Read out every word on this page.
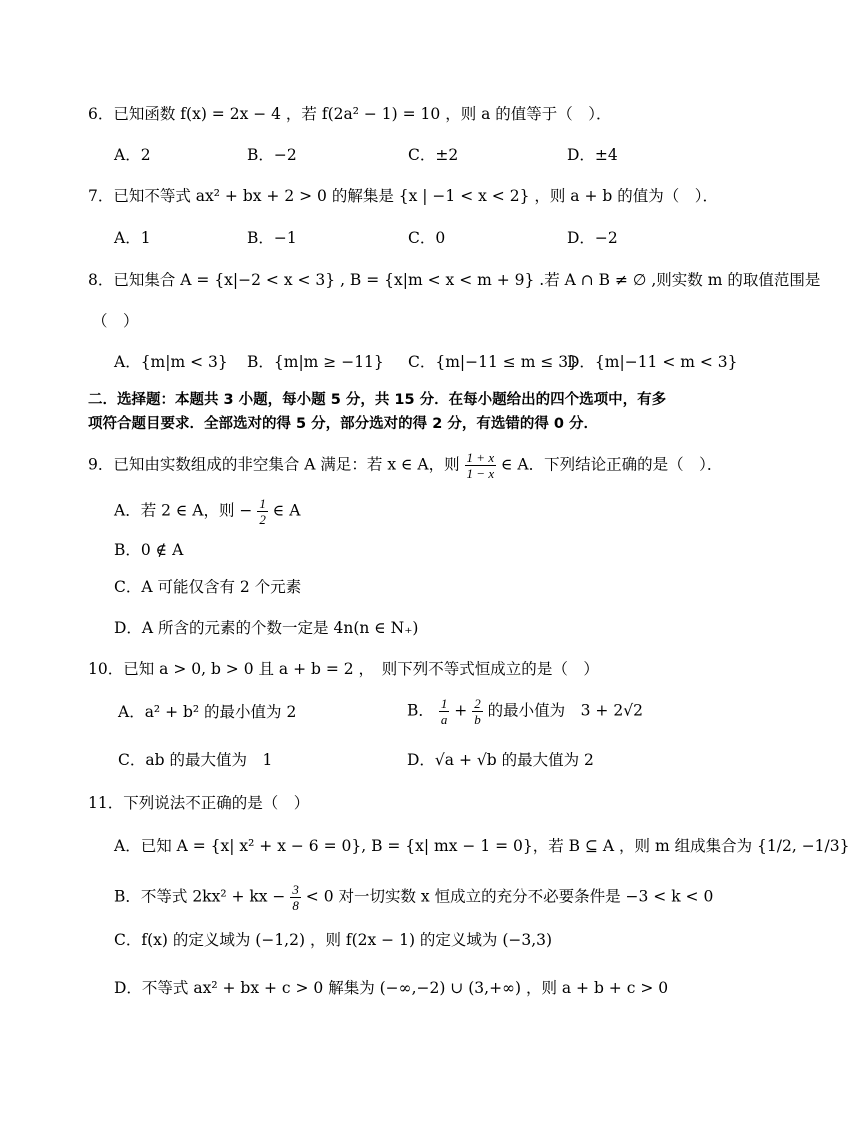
6．已知函数 f(x) = 2x − 4 ，若 f(2a² − 1) = 10 ，则 a 的值等于（　）．
A．2	B．−2	C．±2	D．±4
7．已知不等式 ax² + bx + 2 > 0 的解集是 {x | −1 < x < 2} ，则 a + b 的值为（　）．
A．1	B．−1	C．0	D．−2
8．已知集合 A = {x|−2 < x < 3} , B = {x|m < x < m + 9} .若 A ∩ B ≠ ∅ ,则实数 m 的取值范围是
（　）
A．{m|m < 3} B．{m|m ≥ −11} C．{m|−11 ≤ m ≤ 3}
D．{m|−11 < m < 3}
二．选择题：本题共 3 小题，每小题 5 分，共 15 分．在每小题给出的四个选项中，有多
项符合题目要求．全部选对的得 5 分，部分选对的得 2 分，有选错的得 0 分．
9．已知由实数组成的非空集合 A 满足：若 x ∈ A，则 $\frac{1 + x}{1 - x}$ ∈ A．下列结论正确的是（　）．
A．若 2 ∈ A，则 − $\frac{1}{2}$ ∈ A
B．0 ∉ A
C．A 可能仅含有 2 个元素
D．A 所含的元素的个数一定是 4n(n ∈ N₊)
10．已知 a > 0, b > 0 且 a + b = 2 ，　则下列不等式恒成立的是（　）
A．a² + b² 的最小值为 2	B． $\frac{1}{a} + \frac{2}{b}$ 的最小值为　3 + 2√2
C．ab 的最大值为　1	D．√a + √b 的最大值为 2
11．下列说法不正确的是（　）
A．已知 A = {x| x² + x − 6 = 0}, B = {x| mx − 1 = 0}，若 B ⊆ A ，则 m 组成集合为 {1/2, −1/3}
B．不等式 2kx² + kx − $\frac{3}{8} < 0$ 对一切实数 x 恒成立的充分不必要条件是 −3 < k < 0
C．f(x) 的定义域为 (−1,2) ，则 f(2x − 1) 的定义域为 (−3,3)
D．不等式 ax² + bx + c > 0 解集为 (−∞,−2) ∪ (3,+∞) ，则 a + b + c > 0
